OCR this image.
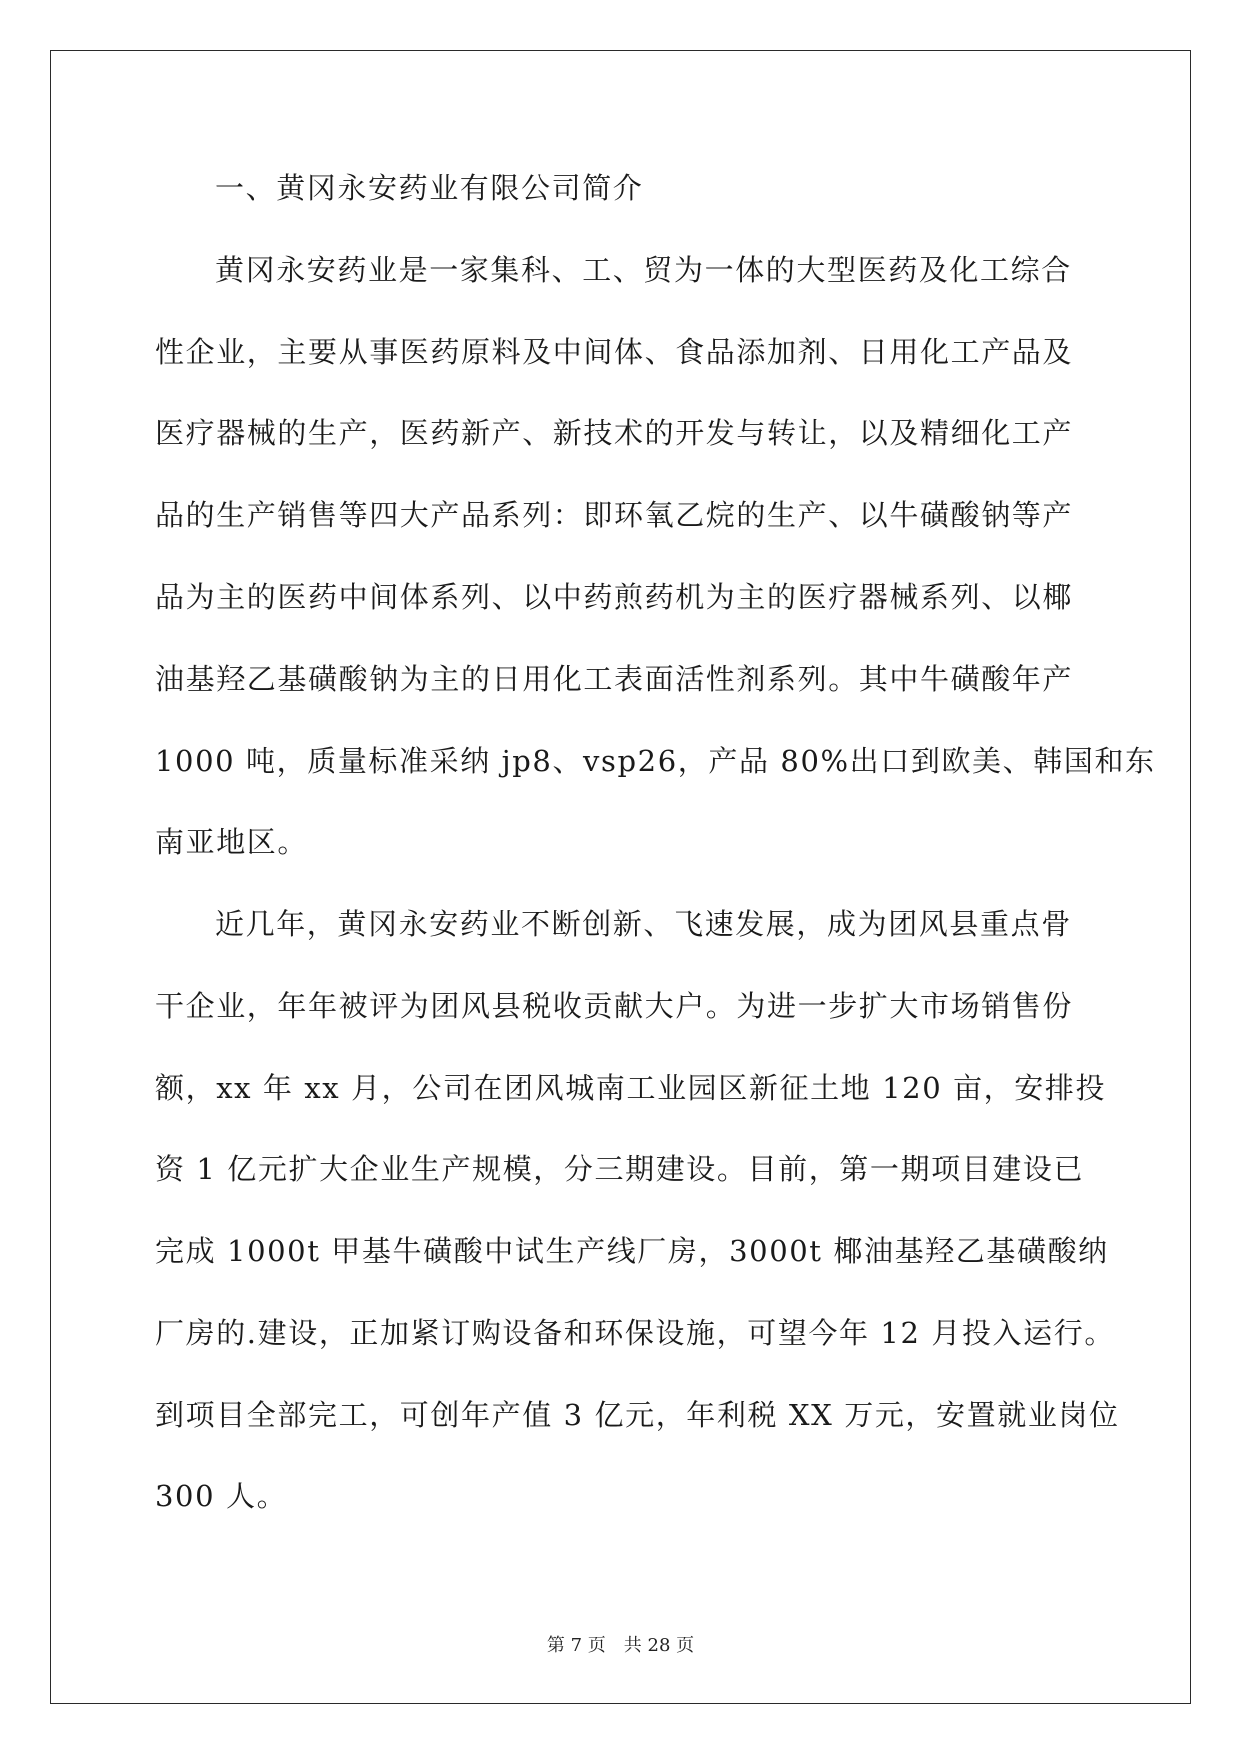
一、黄冈永安药业有限公司简介
黄冈永安药业是一家集科、工、贸为一体的大型医药及化工综合
性企业，主要从事医药原料及中间体、食品添加剂、日用化工产品及
医疗器械的生产，医药新产、新技术的开发与转让，以及精细化工产
品的生产销售等四大产品系列：即环氧乙烷的生产、以牛磺酸钠等产
品为主的医药中间体系列、以中药煎药机为主的医疗器械系列、以椰
油基羟乙基磺酸钠为主的日用化工表面活性剂系列。其中牛磺酸年产
1000 吨，质量标准采纳 jp8、vsp26，产品 80%出口到欧美、韩国和东
南亚地区。
近几年，黄冈永安药业不断创新、飞速发展，成为团风县重点骨
干企业，年年被评为团风县税收贡献大户。为进一步扩大市场销售份
额，xx 年 xx 月，公司在团风城南工业园区新征土地 120 亩，安排投
资 1 亿元扩大企业生产规模，分三期建设。目前，第一期项目建设已
完成 1000t 甲基牛磺酸中试生产线厂房，3000t 椰油基羟乙基磺酸纳
厂房的.建设，正加紧订购设备和环保设施，可望今年 12 月投入运行。
到项目全部完工，可创年产值 3 亿元，年利税 XX 万元，安置就业岗位
300 人。
第 7 页 共 28 页
